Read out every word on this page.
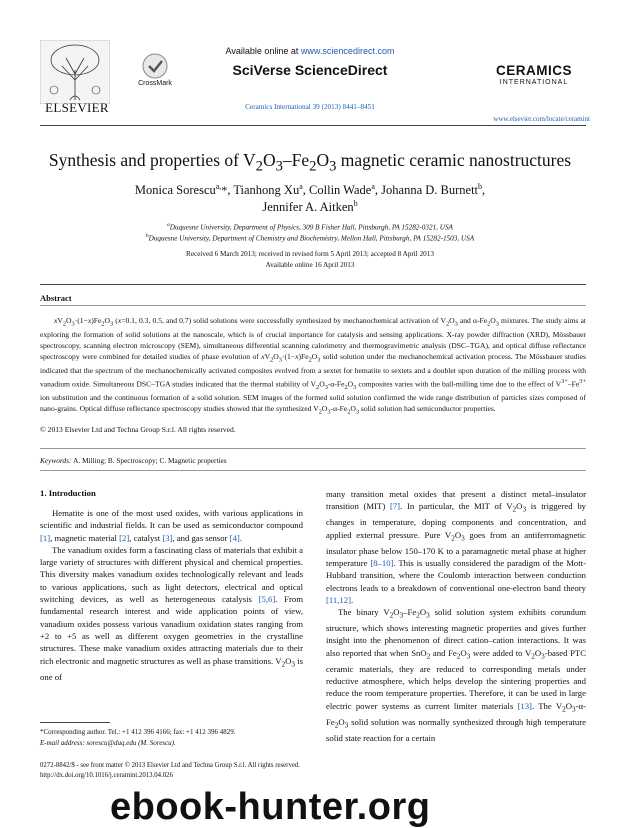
ELSEVIER
CrossMark
Available online at www.sciencedirect.com
SciVerse ScienceDirect
Ceramics International 39 (2013) 8441–8451
CERAMICS
INTERNATIONAL
www.elsevier.com/locate/ceramint
Synthesis and properties of $V_2O_3-Fe_2O_3$ magnetic ceramic nanostructures
Monica Sorescu$^{a,}$*, Tianhong Xu$^a$, Collin Wade$^a$, Johanna D. Burnett$^b$,
Jennifer A. Aitken$^b$
$^a$Duquesne University, Department of Physics, 309 B Fisher Hall, Pittsburgh, PA 15282-0321, USA
$^b$Duquesne University, Department of Chemistry and Biochemistry, Mellon Hall, Pittsburgh, PA 15282-1503, USA
Received 6 March 2013; received in revised form 5 April 2013; accepted 8 April 2013
Available online 16 April 2013
Abstract

$xV_2O_3\cdot(1-x)Fe_2O_3$ (x=0.1, 0.3, 0.5, and 0.7) solid solutions were successfully synthesized by mechanochemical activation of $V_2O_3$ and $\alpha-Fe_2O_3$ mixtures. The study aims at exploring the formation of solid solutions at the nanoscale, which is of crucial importance for catalysis and sensing applications. X-ray powder diffraction (XRD), Mössbauer spectroscopy, scanning electron microscopy (SEM), simultaneous differential scanning calorimetry and thermogravimetric analysis (DSC–TGA), and optical diffuse reflectance spectroscopy were combined for detailed studies of phase evolution of $xV_2O_3\cdot(1-x)Fe_2O_3$ solid solution under the mechanochemical activation process. The Mössbauer studies indicated that the spectrum of the mechanochemically activated composites evolved from a sextet for hematite to sextets and a doublet upon duration of the milling process with vanadium oxide. Simultaneous DSC–TGA studies indicated that the thermal stability of $V_2O_3-\alpha-Fe_2O_3$ composites varies with the ball-milling time due to the effect of $V^{3+}-Fe^{3+}$ ion substitution and the continuous formation of a solid solution. SEM images of the formed solid solution confirmed the wide range distribution of particles sizes composed of nano-grains. Optical diffuse reflectance spectroscopy studies showed that the synthesized $V_2O_3-\alpha-Fe_2O_3$ solid solution had semiconductor properties.

© 2013 Elsevier Ltd and Techna Group S.r.l. All rights reserved.
Keywords: A. Milling; B. Spectroscopy; C. Magnetic properties
1. Introduction

Hematite is one of the most used oxides, with various applications in scientific and industrial fields. It can be used as semiconductor compound [1], magnetic material [2], catalyst [3], and gas sensor [4].

The vanadium oxides form a fascinating class of materials that exhibit a large variety of structures with different physical and chemical properties. This diversity makes vanadium oxides technologically relevant and leads to various applications, such as light detectors, electrical and optical switching devices, as well as heterogeneous catalysis [5,6]. From fundamental research interest and wide application points of view, vanadium oxides possess various vanadium oxidation states ranging from +2 to +5 as well as different oxygen geometries in the crystalline structures. These make vanadium oxides attracting materials due to their rich electronic and magnetic structures as well as phase transitions. $V_2O_3$ is one of

many transition metal oxides that present a distinct metal–insulator transition (MIT) [7]. In particular, the MIT of $V_2O_3$ is triggered by changes in temperature, doping components and concentration, and applied external pressure. Pure $V_2O_3$ goes from an antiferromagnetic insulator phase below 150–170 K to a paramagnetic metal phase at higher temperature [8–10]. This is usually considered the paradigm of the Mott-Hubbard transition, where the Coulomb interaction between conduction electrons leads to a breakdown of conventional one-electron band theory [11,12].

The binary $V_2O_3-Fe_2O_3$ solid solution system exhibits corundum structure, which shows interesting magnetic properties and gives further insight into the phenomenon of direct cation–cation interactions. It was also reported that when SnO$_2$ and $Fe_2O_3$ were added to $V_2O_3$-based PTC ceramic materials, they are reduced to corresponding metals under reductive atmosphere, which helps develop the sintering properties and reduce the room temperature properties. Therefore, it can be used in large electric power systems as current limiter materials [13]. The $V_2O_3-\alpha-Fe_2O_3$ solid solution was normally synthesized through high temperature solid state reaction for a certain

*Corresponding author. Tel.: +1 412 396 4166; fax: +1 412 396 4829.
E-mail address: sorescu@duq.edu (M. Sorescu).
0272-8842/$ - see front matter © 2013 Elsevier Ltd and Techna Group S.r.l. All rights reserved.
http://dx.doi.org/10.1016/j.ceramint.2013.04.026
ebook-hunter.org
